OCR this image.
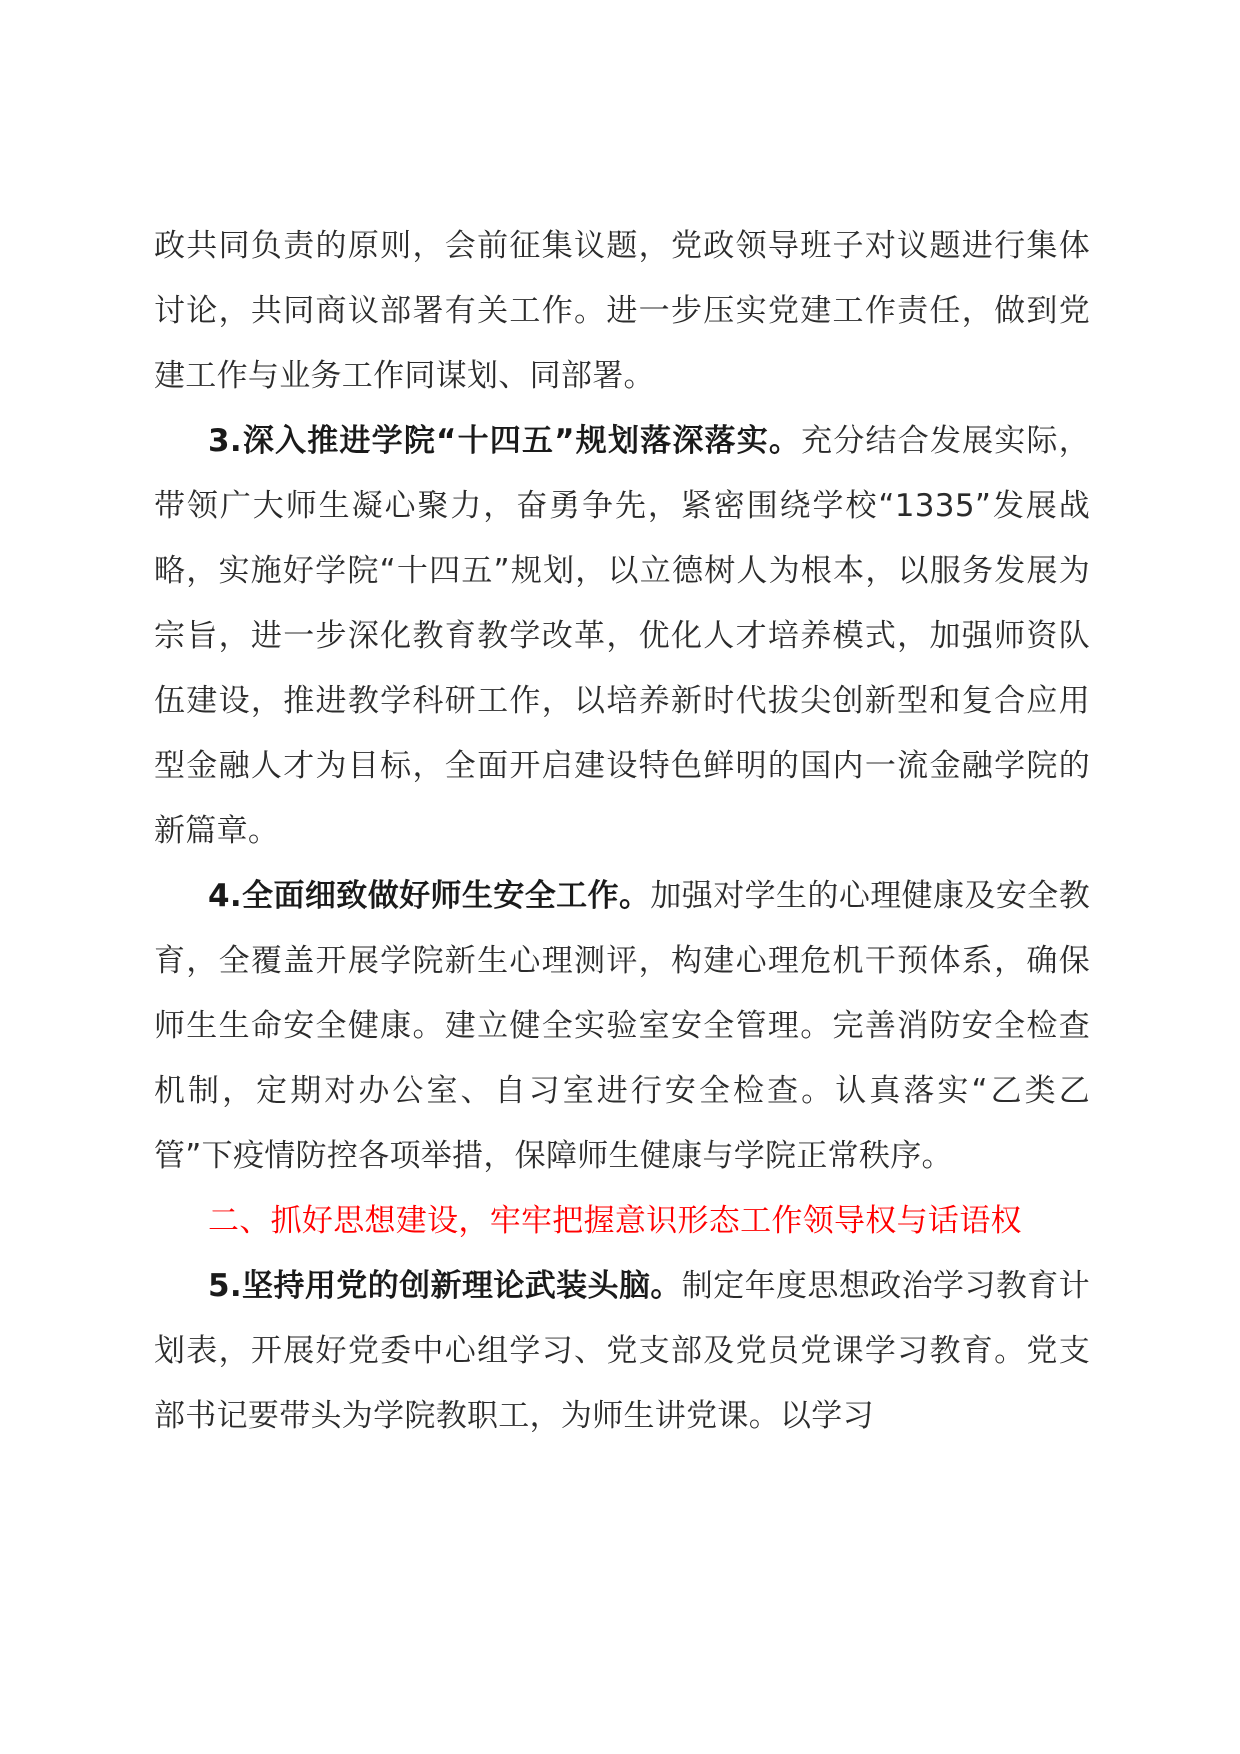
政共同负责的原则，会前征集议题，党政领导班子对议题进行集体讨论，共同商议部署有关工作。进一步压实党建工作责任，做到党建工作与业务工作同谋划、同部署。

3.深入推进学院“十四五”规划落深落实。充分结合发展实际，带领广大师生凝心聚力，奋勇争先，紧密围绕学校“1335”发展战略，实施好学院“十四五”规划，以立德树人为根本，以服务发展为宗旨，进一步深化教育教学改革，优化人才培养模式，加强师资队伍建设，推进教学科研工作，以培养新时代拔尖创新型和复合应用型金融人才为目标，全面开启建设特色鲜明的国内一流金融学院的新篇章。

4.全面细致做好师生安全工作。加强对学生的心理健康及安全教育，全覆盖开展学院新生心理测评，构建心理危机干预体系，确保师生生命安全健康。建立健全实验室安全管理。完善消防安全检查机制，定期对办公室、自习室进行安全检查。认真落实“乙类乙管”下疫情防控各项举措，保障师生健康与学院正常秩序。

二、抓好思想建设，牢牢把握意识形态工作领导权与话语权

5.坚持用党的创新理论武装头脑。制定年度思想政治学习教育计划表，开展好党委中心组学习、党支部及党员党课学习教育。党支部书记要带头为学院教职工，为师生讲党课。以学习
